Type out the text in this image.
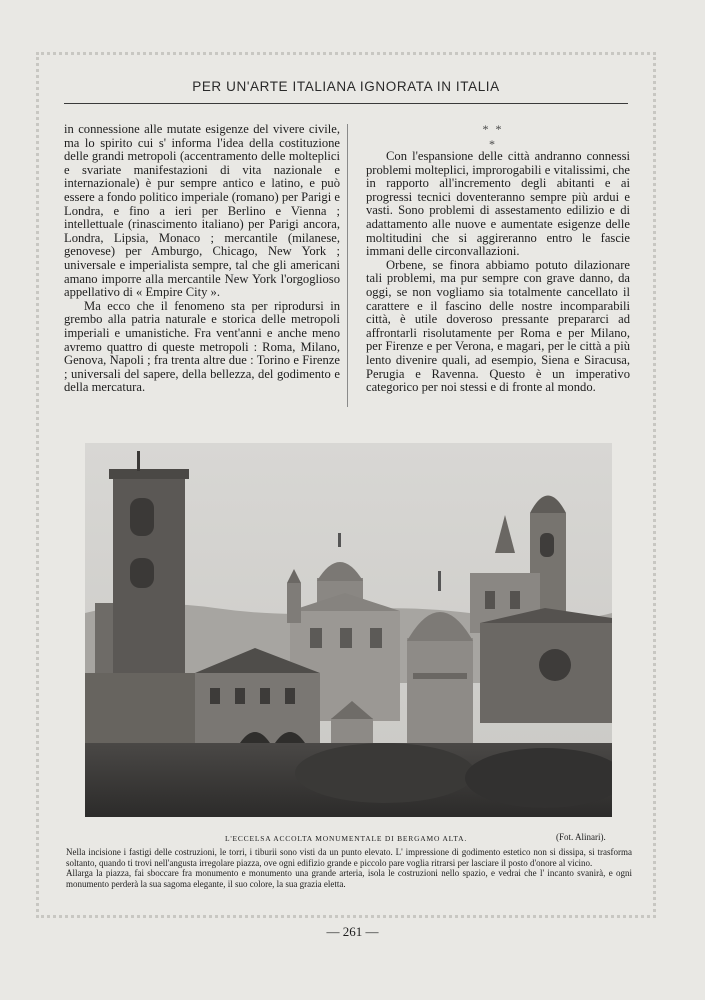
PER UN'ARTE ITALIANA IGNORATA IN ITALIA

in connessione alle mutate esigenze del vivere civile, ma lo spirito cui s' informa l'idea della costituzione delle grandi metropoli (accentramento delle molteplici e svariate manifestazioni di vita nazionale e internazionale) è pur sempre antico e latino, e può essere a fondo politico imperiale (romano) per Parigi e Londra, e fino a ieri per Berlino e Vienna ; intellettuale (rinascimento italiano) per Parigi ancora, Londra, Lipsia, Monaco ; mercantile (milanese, genovese) per Amburgo, Chicago, New York ; universale e imperialista sempre, tal che gli americani amano imporre alla mercantile New York l'orgoglioso appellativo di « Empire City ».

Ma ecco che il fenomeno sta per riprodursi in grembo alla patria naturale e storica delle metropoli imperiali e umanistiche. Fra vent'anni e anche meno avremo quattro di queste metropoli : Roma, Milano, Genova, Napoli ; fra trenta altre due : Torino e Firenze ; universali del sapere, della bellezza, del godimento e della mercatura.

* * *

Con l'espansione delle città andranno connessi problemi molteplici, improrogabili e vitalissimi, che in rapporto all'incremento degli abitanti e ai progressi tecnici doventeranno sempre più ardui e vasti. Sono problemi di assestamento edilizio e di adattamento alle nuove e aumentate esigenze delle moltitudini che si aggireranno entro le fascie immani delle circonvallazioni.

Orbene, se finora abbiamo potuto dilazionare tali problemi, ma pur sempre con grave danno, da oggi, se non vogliamo sia totalmente cancellato il carattere e il fascino delle nostre incomparabili città, è utile doveroso pressante prepararci ad affrontarli risolutamente per Roma e per Milano, per Firenze e per Verona, e magari, per le città a più lento divenire quali, ad esempio, Siena e Siracusa, Perugia e Ravenna. Questo è un imperativo categorico per noi stessi e di fronte al mondo.

L'ECCELSA ACCOLTA MONUMENTALE DI BERGAMO ALTA.	(Fot. Alinari).

Nella incisione i fastigi delle costruzioni, le torri, i tiburii sono visti da un punto elevato. L' impressione di godimento estetico non si dissipa, si trasforma soltanto, quando ti trovi nell'angusta irregolare piazza, ove ogni edifizio grande e piccolo pare voglia ritrarsi per lasciare il posto d'onore al vicino.

Allarga la piazza, fai sboccare fra monumento e monumento una grande arteria, isola le costruzioni nello spazio, e vedrai che l' incanto svanirà, e ogni monumento perderà la sua sagoma elegante, il suo colore, la sua grazia eletta.

— 261 —
